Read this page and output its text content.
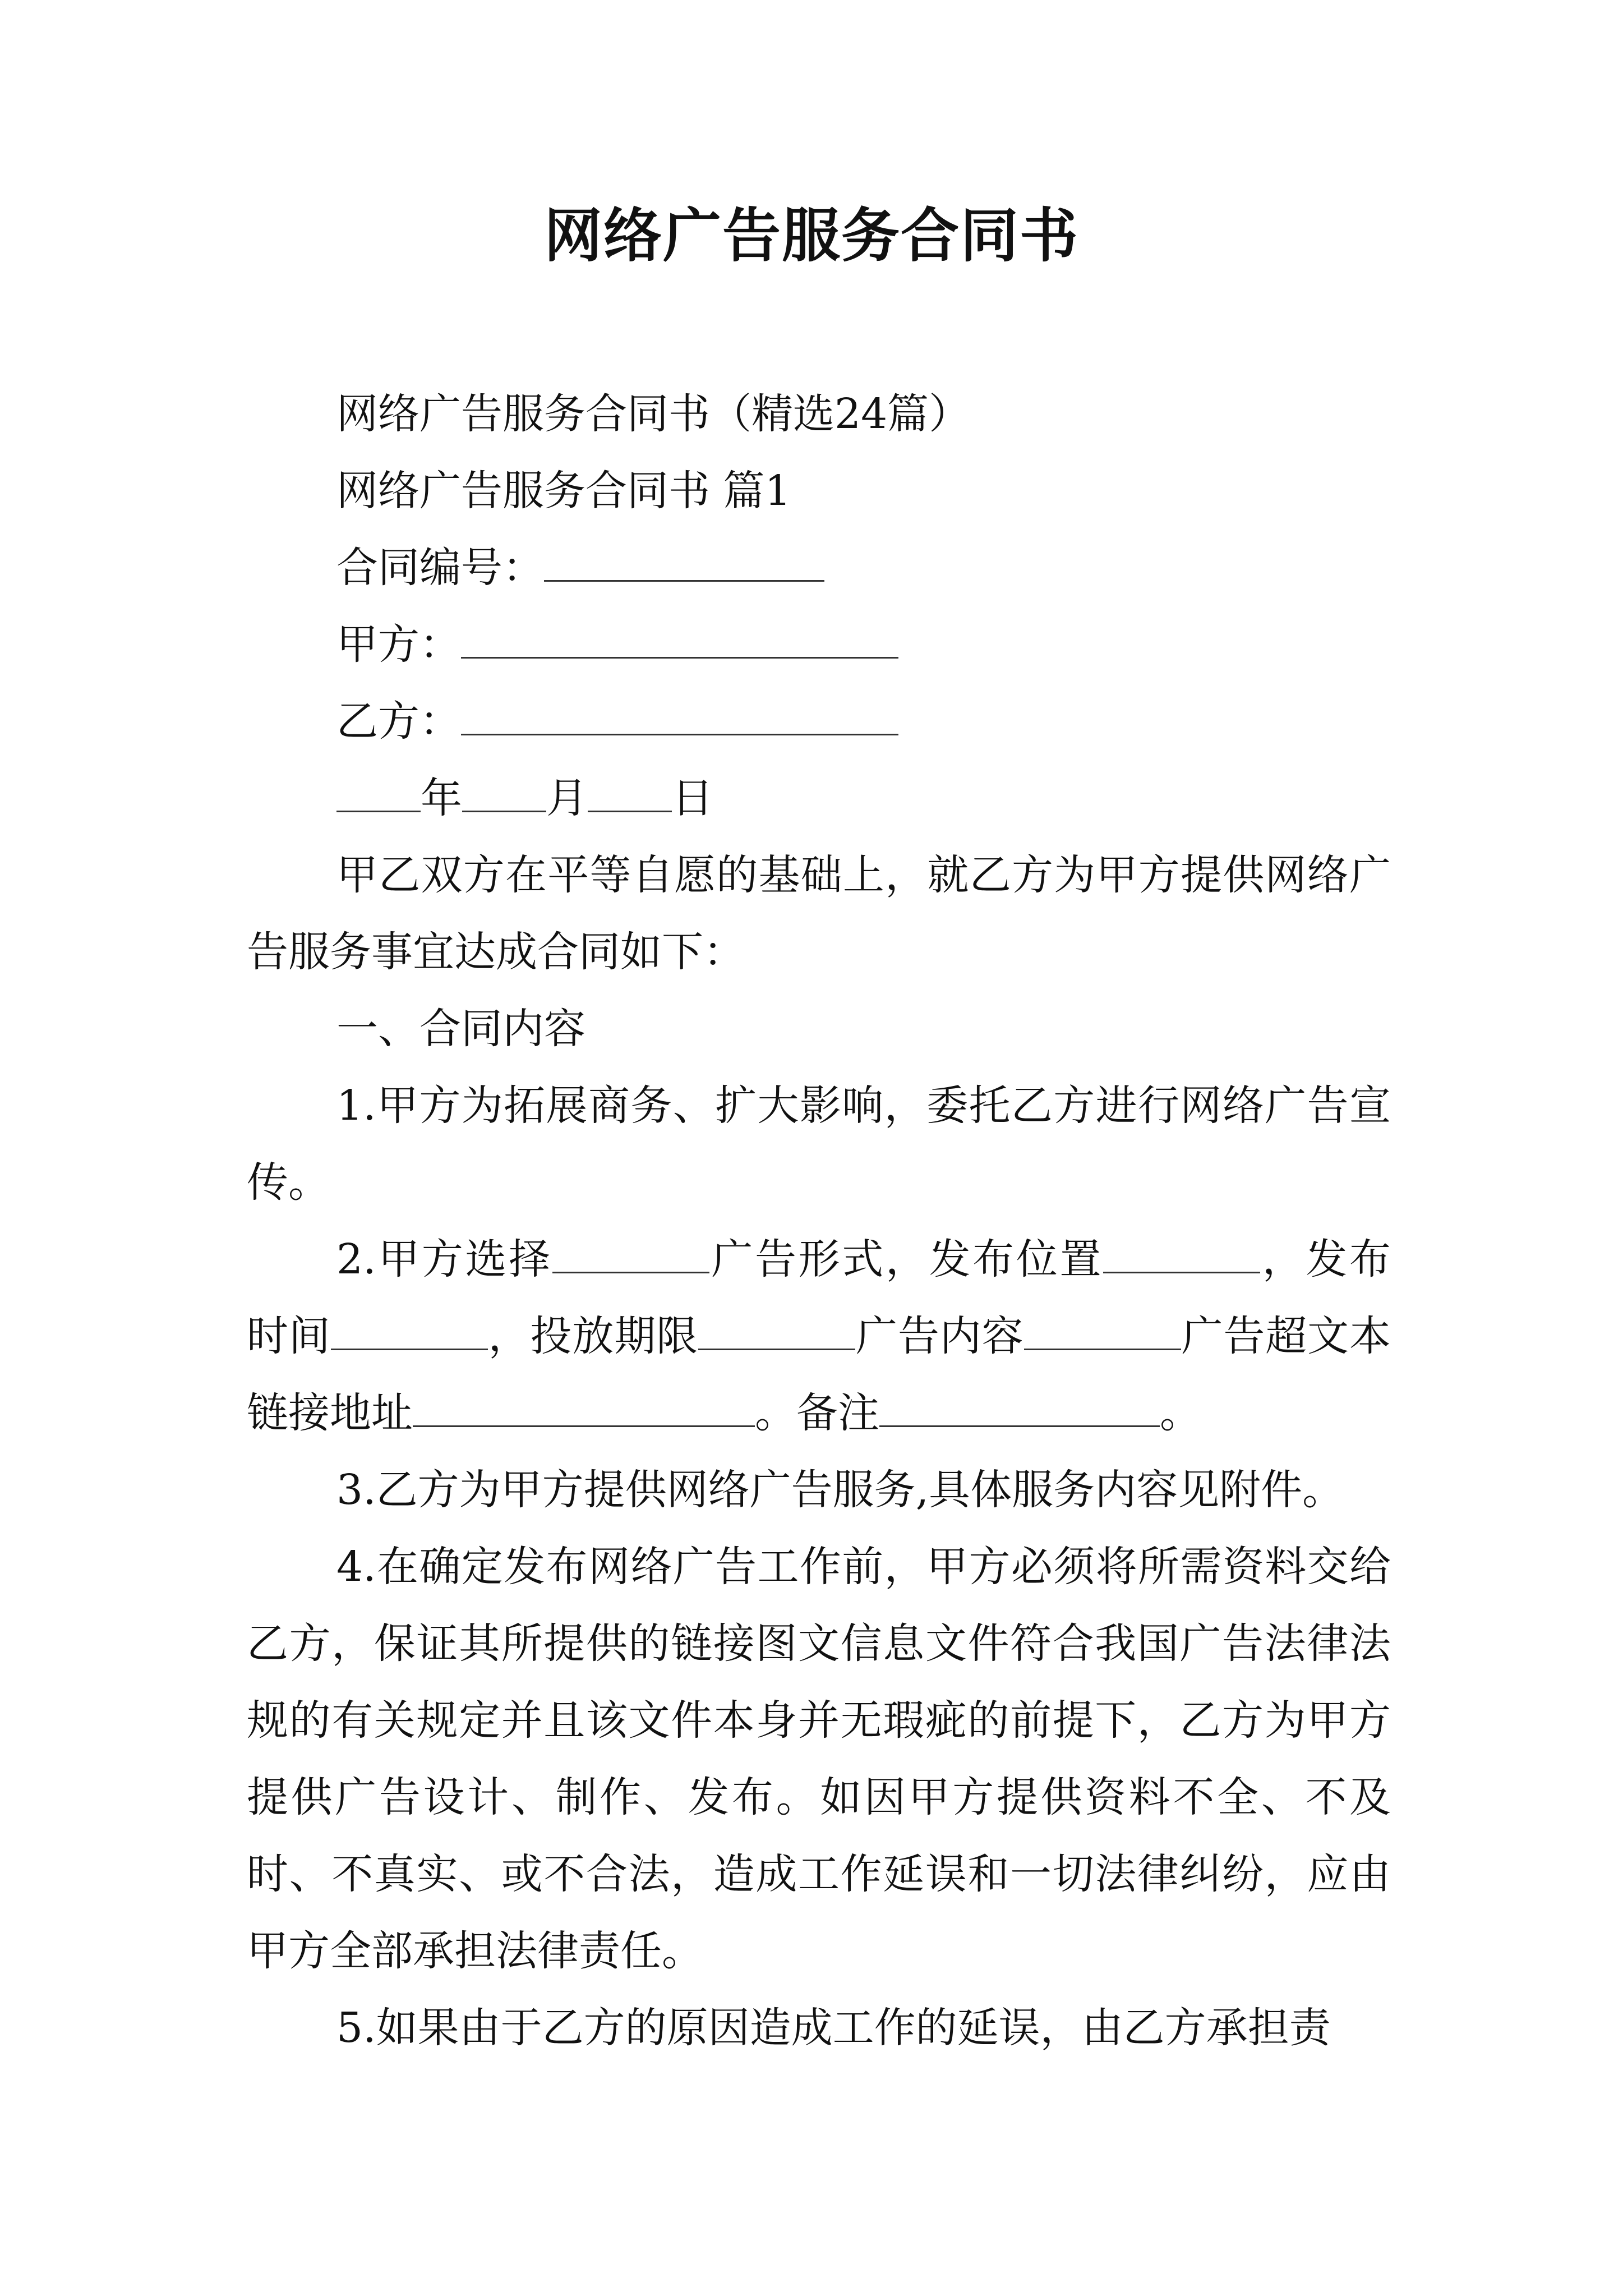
网络广告服务合同书
网络广告服务合同书（精选24篇）
网络广告服务合同书 篇1
合同编号：
甲方：
乙方：
年 月 日
甲乙双方在平等自愿的基础上，就乙方为甲方提供网络广告服务事宜达成合同如下：
一、合同内容
1.甲方为拓展商务、扩大影响，委托乙方进行网络广告宣传。
2.甲方选择	广告形式，发布位置	，发布时间	，投放期限	广告内容	广告超文本链接地址	。备注	。
3.乙方为甲方提供网络广告服务,具体服务内容见附件。
4.在确定发布网络广告工作前，甲方必须将所需资料交给乙方，保证其所提供的链接图文信息文件符合我国广告法律法规的有关规定并且该文件本身并无瑕疵的前提下，乙方为甲方提供广告设计、制作、发布。如因甲方提供资料不全、不及时、不真实、或不合法，造成工作延误和一切法律纠纷，应由甲方全部承担法律责任。
5.如果由于乙方的原因造成工作的延误，由乙方承担责
